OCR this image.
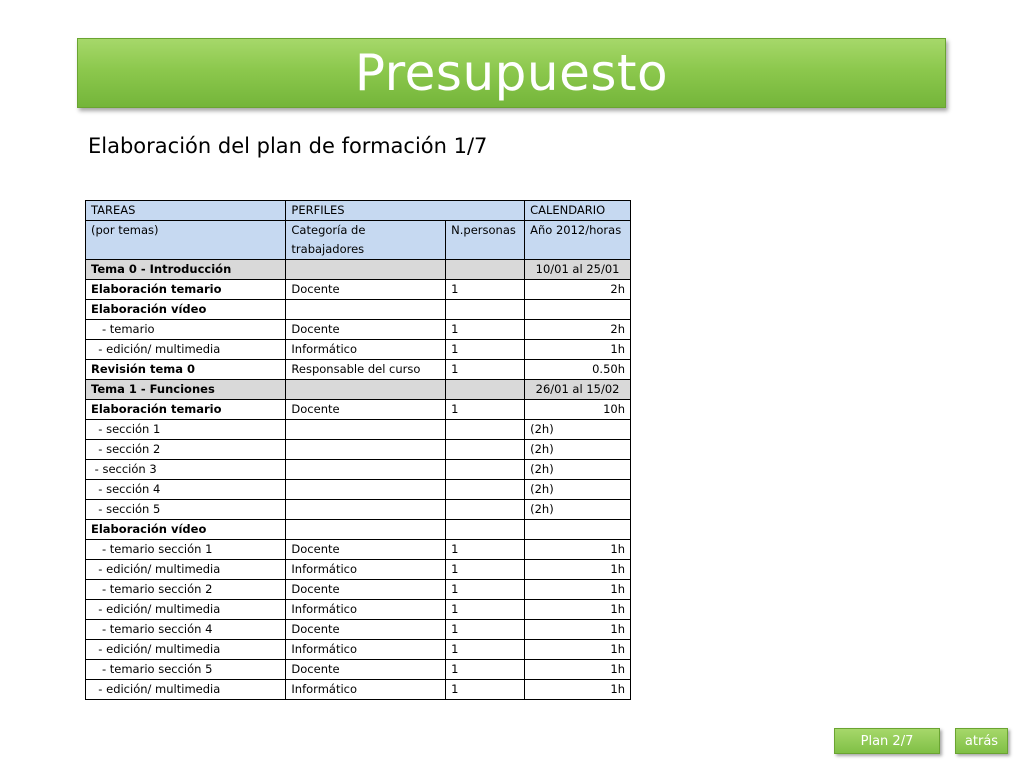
Presupuesto
Elaboración del plan de formación 1/7
TAREAS	PERFILES		CALENDARIO
(por temas)	Categoría de trabajadores	N.personas	Año 2012/horas
Tema 0 - Introducción			10/01 al 25/01
Elaboración temario	Docente	1	2h
Elaboración vídeo			
- temario	Docente	1	2h
- edición/ multimedia	Informático	1	1h
Revisión tema 0	Responsable del curso	1	0.50h
Tema 1 - Funciones			26/01 al 15/02
Elaboración temario	Docente	1	10h
- sección 1			(2h)
- sección 2			(2h)
- sección 3			(2h)
- sección 4			(2h)
- sección 5			(2h)
Elaboración vídeo			
- temario sección 1	Docente	1	1h
- edición/ multimedia	Informático	1	1h
- temario sección 2	Docente	1	1h
- edición/ multimedia	Informático	1	1h
- temario sección 4	Docente	1	1h
- edición/ multimedia	Informático	1	1h
- temario sección 5	Docente	1	1h
- edición/ multimedia	Informático	1	1h
Plan 2/7	atrás
